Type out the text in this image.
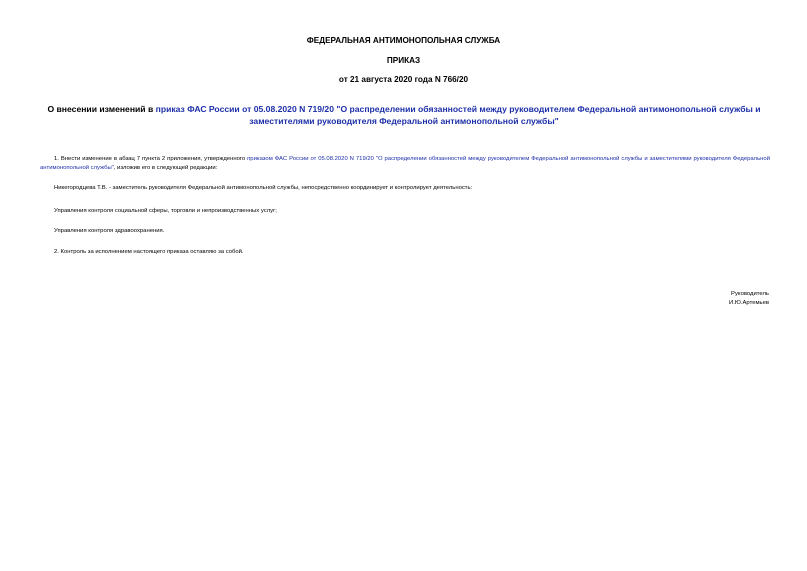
ФЕДЕРАЛЬНАЯ АНТИМОНОПОЛЬНАЯ СЛУЖБА
ПРИКАЗ
от 21 августа 2020 года N 766/20
О внесении изменений в приказ ФАС России от 05.08.2020 N 719/20 "О распределении обязанностей между руководителем Федеральной антимонопольной службы и заместителями руководителя Федеральной антимонопольной службы"
1. Внести изменение в абзац 7 пункта 2 приложения, утвержденного приказом ФАС России от 05.08.2020 N 719/20 "О распределении обязанностей между руководителем Федеральной антимонопольной службы и заместителями руководителя Федеральной антимонопольной службы", изложив его в следующей редакции:
Никегородцева Т.В. - заместитель руководителя Федеральной антимонопольной службы, непосредственно координирует и контролирует деятельность:
Управления контроля социальной сферы, торговли и непроизводственных услуг;
Управления контроля здравоохранения.
2. Контроль за исполнением настоящего приказа оставляю за собой.
Руководитель
И.Ю.Артемьев
